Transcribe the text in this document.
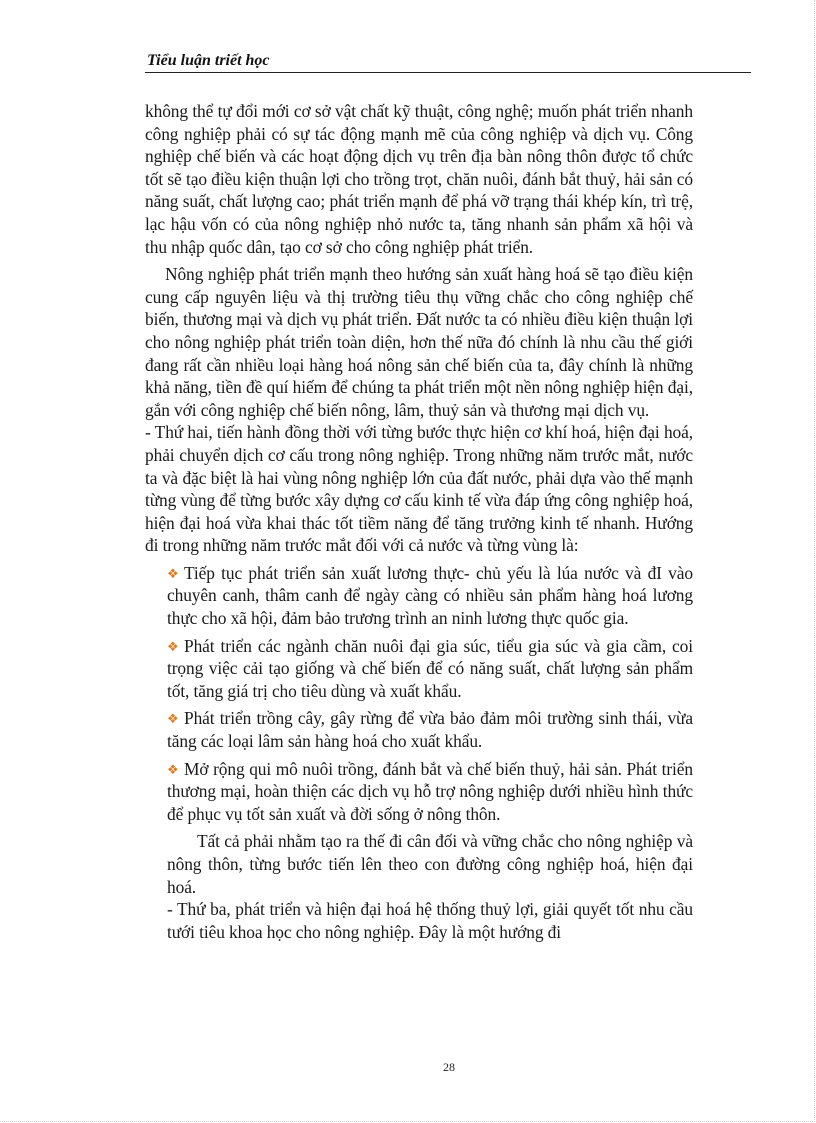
Tiểu luận triết học

không thể tự đổi mới cơ sở vật chất kỹ thuật, công nghệ; muốn phát triển nhanh công nghiệp phải có sự tác động mạnh mẽ của công nghiệp và dịch vụ. Công nghiệp chế biến và các hoạt động dịch vụ trên địa bàn nông thôn được tổ chức tốt sẽ tạo điều kiện thuận lợi cho trồng trọt, chăn nuôi, đánh bắt thuỷ, hải sản có năng suất, chất lượng cao; phát triển mạnh để phá vỡ trạng thái khép kín, trì trệ, lạc hậu vốn có của nông nghiệp nhỏ nước ta, tăng nhanh sản phẩm xã hội và thu nhập quốc dân, tạo cơ sở cho công nghiệp phát triển.

Nông nghiệp phát triển mạnh theo hướng sản xuất hàng hoá sẽ tạo điều kiện cung cấp nguyên liệu và thị trường tiêu thụ vững chắc cho công nghiệp chế biến, thương mại và dịch vụ phát triển. Đất nước ta có nhiều điều kiện thuận lợi cho nông nghiệp phát triển toàn diện, hơn thế nữa đó chính là nhu cầu thế giới đang rất cần nhiều loại hàng hoá nông sản chế biến của ta, đây chính là những khả năng, tiền đề quí hiếm để chúng ta phát triển một nền nông nghiệp hiện đại, gắn với công nghiệp chế biến nông, lâm, thuỷ sản và thương mại dịch vụ.

- Thứ hai, tiến hành đồng thời với từng bước thực hiện cơ khí hoá, hiện đại hoá, phải chuyển dịch cơ cấu trong nông nghiệp. Trong những năm trước mắt, nước ta và đặc biệt là hai vùng nông nghiệp lớn của đất nước, phải dựa vào thế mạnh từng vùng để từng bước xây dựng cơ cấu kinh tế vừa đáp ứng công nghiệp hoá, hiện đại hoá vừa khai thác tốt tiềm năng để tăng trưởng kinh tế nhanh. Hướng đi trong những năm trước mắt đối với cả nước và từng vùng là:

❖ Tiếp tục phát triển sản xuất lương thực- chủ yếu là lúa nước và đI vào chuyên canh, thâm canh để ngày càng có nhiều sản phẩm hàng hoá lương thực cho xã hội, đảm bảo trương trình an ninh lương thực quốc gia.

❖ Phát triển các ngành chăn nuôi đại gia súc, tiểu gia súc và gia cầm, coi trọng việc cải tạo giống và chế biến để có năng suất, chất lượng sản phẩm tốt, tăng giá trị cho tiêu dùng và xuất khẩu.

❖ Phát triển trồng cây, gây rừng để vừa bảo đảm môi trường sinh thái, vừa tăng các loại lâm sản hàng hoá cho xuất khẩu.

❖ Mở rộng qui mô nuôi trồng, đánh bắt và chế biến thuỷ, hải sản. Phát triển thương mại, hoàn thiện các dịch vụ hỗ trợ nông nghiệp dưới nhiều hình thức để phục vụ tốt sản xuất và đời sống ở nông thôn.

Tất cả phải nhằm tạo ra thế đi cân đối và vững chắc cho nông nghiệp và nông thôn, từng bước tiến lên theo con đường công nghiệp hoá, hiện đại hoá.

- Thứ ba, phát triển và hiện đại hoá hệ thống thuỷ lợi, giải quyết tốt nhu cầu tưới tiêu khoa học cho nông nghiệp. Đây là một hướng đi

28
